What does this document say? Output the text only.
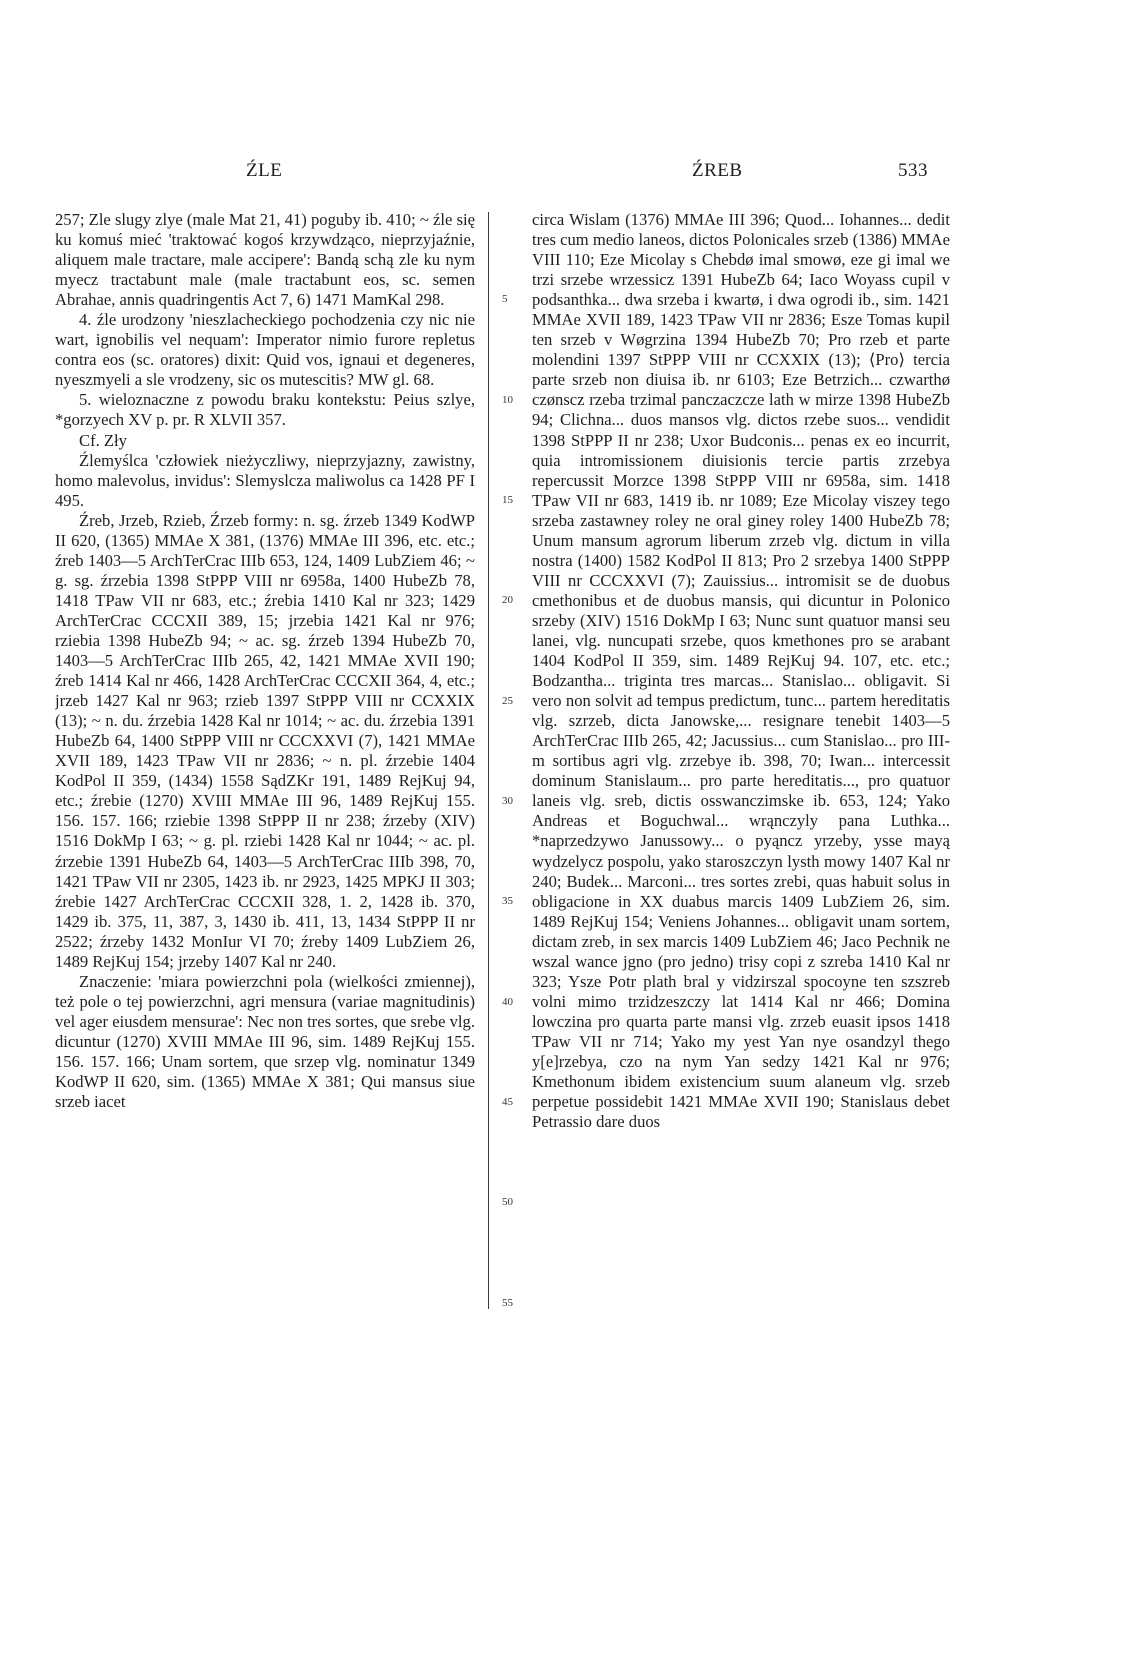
ŹLE	ŹREB	533

257; Zle slugy zlye (male Mat 21, 41) poguby ib. 410; ~ źle się ku komuś mieć 'traktować kogoś krzywdząco, nieprzyjaźnie, aliquem male tractare, male accipere': Bandą schą zle ku nym myecz tractabunt male (male tractabunt eos, sc. semen Abrahae, annis quadringentis Act 7, 6) 1471 MamKal 298.

4. źle urodzony 'nieszlacheckiego pochodzenia czy nic nie wart, ignobilis vel nequam': Imperator nimio furore repletus contra eos (sc. oratores) dixit: Quid vos, ignaui et degeneres, nyeszmyeli a sle vrodzeny, sic os mutescitis? MW gl. 68.

5. wieloznaczne z powodu braku kontekstu: Peius szlye, *gorzyech XV p. pr. R XLVII 357.

Cf. Zły

Źlemyślca 'człowiek nieżyczliwy, nieprzyjazny, zawistny, homo malevolus, invidus': Slemyslcza maliwolus ca 1428 PF I 495.

Źreb, Jrzeb, Rzieb, Źrzeb formy: n. sg. źrzeb 1349 KodWP II 620, (1365) MMAe X 381, (1376) MMAe III 396, etc. etc.; źreb 1403—5 ArchTerCrac IIIb 653, 124, 1409 LubZiem 46; ~ g. sg. źrzebia 1398 StPPP VIII nr 6958a, 1400 HubeZb 78, 1418 TPaw VII nr 683, etc.; źrebia 1410 Kal nr 323; 1429 ArchTerCrac CCCXII 389, 15; jrzebia 1421 Kal nr 976; rziebia 1398 HubeZb 94; ~ ac. sg. źrzeb 1394 HubeZb 70, 1403—5 ArchTerCrac IIIb 265, 42, 1421 MMAe XVII 190; źreb 1414 Kal nr 466, 1428 ArchTerCrac CCCXII 364, 4, etc.; jrzeb 1427 Kal nr 963; rzieb 1397 StPPP VIII nr CCXXIX (13); ~ n. du. źrzebia 1428 Kal nr 1014; ~ ac. du. źrzebia 1391 HubeZb 64, 1400 StPPP VIII nr CCCXXVI (7), 1421 MMAe XVII 189, 1423 TPaw VII nr 2836; ~ n. pl. źrzebie 1404 KodPol II 359, (1434) 1558 SądZKr 191, 1489 RejKuj 94, etc.; źrebie (1270) XVIII MMAe III 96, 1489 RejKuj 155. 156. 157. 166; rziebie 1398 StPPP II nr 238; źrzeby (XIV) 1516 DokMp I 63; ~ g. pl. rziebi 1428 Kal nr 1044; ~ ac. pl. źrzebie 1391 HubeZb 64, 1403—5 ArchTerCrac IIIb 398, 70, 1421 TPaw VII nr 2305, 1423 ib. nr 2923, 1425 MPKJ II 303; źrebie 1427 ArchTerCrac CCCXII 328, 1. 2, 1428 ib. 370, 1429 ib. 375, 11, 387, 3, 1430 ib. 411, 13, 1434 StPPP II nr 2522; źrzeby 1432 MonIur VI 70; źreby 1409 LubZiem 26, 1489 RejKuj 154; jrzeby 1407 Kal nr 240.

Znaczenie: 'miara powierzchni pola (wielkości zmiennej), też pole o tej powierzchni, agri mensura (variae magnitudinis) vel ager eiusdem mensurae': Nec non tres sortes, que srebe vlg. dicuntur (1270) XVIII MMAe III 96, sim. 1489 RejKuj 155. 156. 157. 166; Unam sortem, que srzep vlg. nominatur 1349 KodWP II 620, sim. (1365) MMAe X 381; Qui mansus siue srzeb iacet

5
10
15
20
25
30
35
40
45
50
55

circa Wislam (1376) MMAe III 396; Quod... Iohannes... dedit tres cum medio laneos, dictos Polonicales srzeb (1386) MMAe VIII 110; Eze Micolay s Chebdø imal smowø, eze gi imal we trzi srzebe wrzessicz 1391 HubeZb 64; Iaco Woyass cupil v podsanthka... dwa srzeba i kwartø, i dwa ogrodi ib., sim. 1421 MMAe XVII 189, 1423 TPaw VII nr 2836; Esze Tomas kupil ten srzeb v Wøgrzina 1394 HubeZb 70; Pro rzeb et parte molendini 1397 StPPP VIII nr CCXXIX (13); ⟨Pro⟩ tercia parte srzeb non diuisa ib. nr 6103; Eze Betrzich... czwarthø czønscz rzeba trzimal panczaczcze lath w mirze 1398 HubeZb 94; Clichna... duos mansos vlg. dictos rzebe suos... vendidit 1398 StPPP II nr 238; Uxor Budconis... penas ex eo incurrit, quia intromissionem diuisionis tercie partis zrzebya repercussit Morzce 1398 StPPP VIII nr 6958a, sim. 1418 TPaw VII nr 683, 1419 ib. nr 1089; Eze Micolay viszey tego srzeba zastawney roley ne oral giney roley 1400 HubeZb 78; Unum mansum agrorum liberum zrzeb vlg. dictum in villa nostra (1400) 1582 KodPol II 813; Pro 2 srzebya 1400 StPPP VIII nr CCCXXVI (7); Zauissius... intromisit se de duobus cmethonibus et de duobus mansis, qui dicuntur in Polonico srzeby (XIV) 1516 DokMp I 63; Nunc sunt quatuor mansi seu lanei, vlg. nuncupati srzebe, quos kmethones pro se arabant 1404 KodPol II 359, sim. 1489 RejKuj 94. 107, etc. etc.; Bodzantha... triginta tres marcas... Stanislao... obligavit. Si vero non solvit ad tempus predictum, tunc... partem hereditatis vlg. szrzeb, dicta Janowske,... resignare tenebit 1403—5 ArchTerCrac IIIb 265, 42; Jacussius... cum Stanislao... pro III-m sortibus agri vlg. zrzebye ib. 398, 70; Iwan... intercessit dominum Stanislaum... pro parte hereditatis..., pro quatuor laneis vlg. sreb, dictis osswanczimske ib. 653, 124; Yako Andreas et Boguchwal... wrąnczyly pana Luthka... *naprzedzywo Janussowy... o pyąncz yrzeby, ysse mayą wydzelycz pospolu, yako staroszczyn lysth mowy 1407 Kal nr 240; Budek... Marconi... tres sortes zrebi, quas habuit solus in obligacione in XX duabus marcis 1409 LubZiem 26, sim. 1489 RejKuj 154; Veniens Johannes... obligavit unam sortem, dictam zreb, in sex marcis 1409 LubZiem 46; Jaco Pechnik ne wszal wance jgno (pro jedno) trisy copi z szreba 1410 Kal nr 323; Ysze Potr plath bral y vidzirszal spocoyne ten szszreb volni mimo trzidzeszczy lat 1414 Kal nr 466; Domina lowczina pro quarta parte mansi vlg. zrzeb euasit ipsos 1418 TPaw VII nr 714; Yako my yest Yan nye osandzyl thego y[e]rzebya, czo na nym Yan sedzy 1421 Kal nr 976; Kmethonum ibidem existencium suum alaneum vlg. srzeb perpetue possidebit 1421 MMAe XVII 190; Stanislaus debet Petrassio dare duos
